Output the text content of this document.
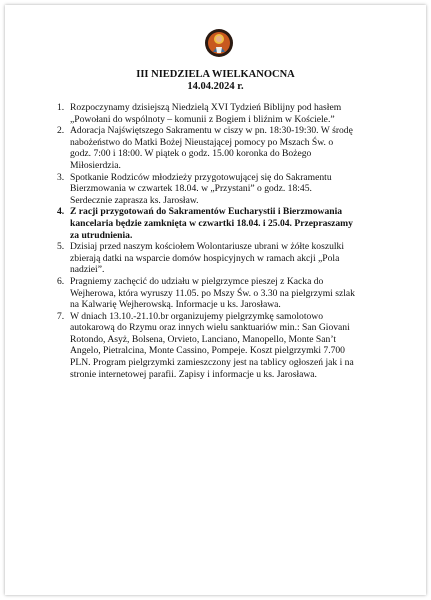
III NIEDZIELA WIELKANOCNA
14.04.2024 r.
1. Rozpoczynamy dzisiejszą Niedzielą XVI Tydzień Biblijny pod hasłem
„Powołani do wspólnoty – komunii z Bogiem i bliźnim w Kościele.”
2. Adoracja Najświętszego Sakramentu w ciszy w pn. 18:30-19:30. W środę
nabożeństwo do Matki Bożej Nieustającej pomocy po Mszach Św. o
godz. 7:00 i 18:00. W piątek o godz. 15.00 koronka do Bożego
Miłosierdzia.
3. Spotkanie Rodziców młodzieży przygotowującej się do Sakramentu
Bierzmowania w czwartek 18.04. w „Przystani” o godz. 18:45.
Serdecznie zaprasza ks. Jarosław.
4. Z racji przygotowań do Sakramentów Eucharystii i Bierzmowania
kancelaria będzie zamknięta w czwartki 18.04. i 25.04. Przepraszamy
za utrudnienia.
5. Dzisiaj przed naszym kościołem Wolontariusze ubrani w żółte koszulki
zbierają datki na wsparcie domów hospicyjnych w ramach akcji „Pola
nadziei”.
6. Pragniemy zachęcić do udziału w pielgrzymce pieszej z Kacka do
Wejherowa, która wyruszy 11.05. po Mszy Św. o 3.30 na pielgrzymi szlak
na Kalwarię Wejherowską. Informacje u ks. Jarosława.
7. W dniach 13.10.-21.10.br organizujemy pielgrzymkę samolotowo
autokarową do Rzymu oraz innych wielu sanktuariów min.: San Giovani
Rotondo, Asyż, Bolsena, Orvieto, Lanciano, Manopello, Monte San’t
Angelo, Pietralcina, Monte Cassino, Pompeje. Koszt pielgrzymki 7.700
PLN. Program pielgrzymki zamieszczony jest na tablicy ogłoszeń jak i na
stronie internetowej parafii. Zapisy i informacje u ks. Jarosława.
